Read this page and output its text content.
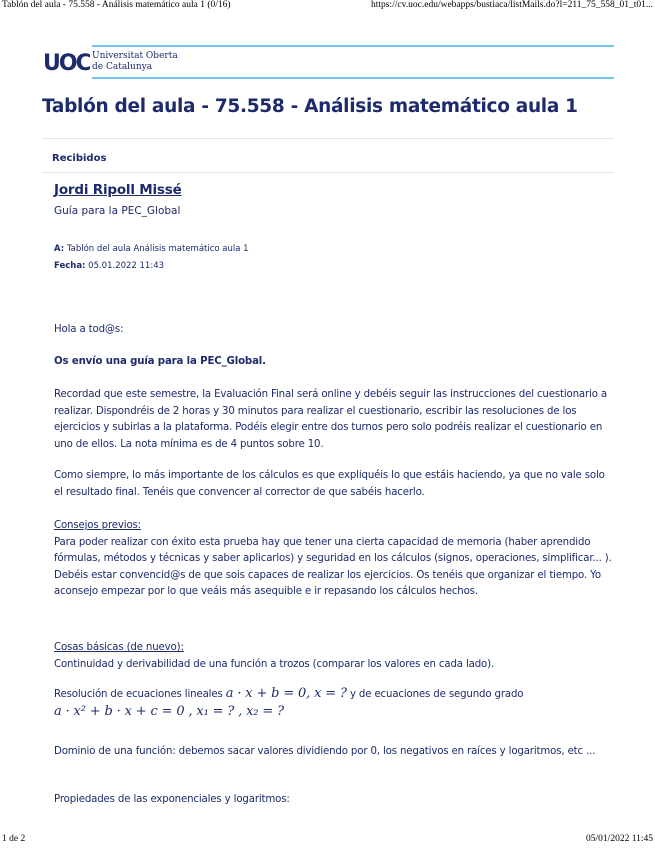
Tablón del aula - 75.558 - Análisis matemático aula 1 (0/16)	https://cv.uoc.edu/webapps/bustiaca/listMails.do?l=211_75_558_01_t01...
UOC Universitat Oberta
de Catalunya
Tablón del aula - 75.558 - Análisis matemático aula 1
Recibidos
Jordi Ripoll Missé
Guía para la PEC_Global
A: Tablón del aula Análisis matemático aula 1
Fecha: 05.01.2022 11:43

Hola a tod@s:

Os envío una guía para la PEC_Global.

Recordad que este semestre, la Evaluación Final será online y debéis seguir las instrucciones del cuestionario a realizar. Dispondréis de 2 horas y 30 minutos para realizar el cuestionario, escribir las resoluciones de los ejercicios y subirlas a la plataforma. Podéis elegir entre dos turnos pero solo podréis realizar el cuestionario en uno de ellos. La nota mínima es de 4 puntos sobre 10.

Como siempre, lo más importante de los cálculos es que expliquéis lo que estáis haciendo, ya que no vale solo el resultado final. Tenéis que convencer al corrector de que sabéis hacerlo.

Consejos previos:

Para poder realizar con éxito esta prueba hay que tener una cierta capacidad de memoria (haber aprendido fórmulas, métodos y técnicas y saber aplicarlos) y seguridad en los cálculos (signos, operaciones, simplificar... ). Debéis estar convencid@s de que sois capaces de realizar los ejercicios. Os tenéis que organizar el tiempo. Yo aconsejo empezar por lo que veáis más asequible e ir repasando los cálculos hechos.

Cosas básicas (de nuevo):

Continuidad y derivabilidad de una función a trozos (comparar los valores en cada lado).

Resolución de ecuaciones lineales a · x + b = 0, x = ? y de ecuaciones de segundo grado

a · x² + b · x + c = 0 , x₁ = ? , x₂ = ?

Dominio de una función: debemos sacar valores dividiendo por 0, los negativos en raíces y logaritmos, etc ...

Propiedades de las exponenciales y logaritmos:

1 de 2	05/01/2022 11:45
